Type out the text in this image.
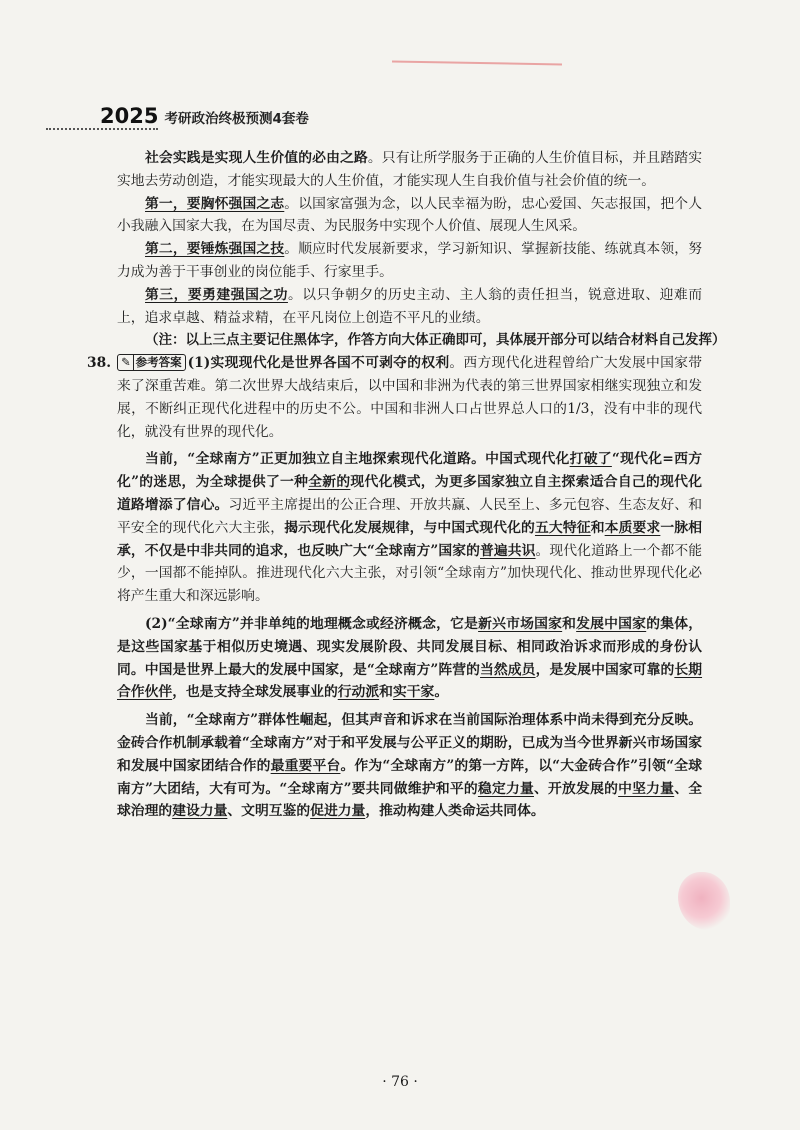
2025 考研政治终极预测4套卷

社会实践是实现人生价值的必由之路。只有让所学服务于正确的人生价值目标，并且踏踏实实地去劳动创造，才能实现最大的人生价值，才能实现人生自我价值与社会价值的统一。

第一，要胸怀强国之志。以国家富强为念，以人民幸福为盼，忠心爱国、矢志报国，把个人小我融入国家大我，在为国尽责、为民服务中实现个人价值、展现人生风采。

第二，要锤炼强国之技。顺应时代发展新要求，学习新知识、掌握新技能、练就真本领，努力成为善于干事创业的岗位能手、行家里手。

第三，要勇建强国之功。以只争朝夕的历史主动、主人翁的责任担当，锐意进取、迎难而上，追求卓越、精益求精，在平凡岗位上创造不平凡的业绩。

（注：以上三点主要记住黑体字，作答方向大体正确即可，具体展开部分可以结合材料自己发挥）
38. ✎ 参考答案 (1)实现现代化是世界各国不可剥夺的权利。西方现代化进程曾给广大发展中国家带来了深重苦难。第二次世界大战结束后，以中国和非洲为代表的第三世界国家相继实现独立和发展，不断纠正现代化进程中的历史不公。中国和非洲人口占世界总人口的1/3，没有中非的现代化，就没有世界的现代化。

当前，“全球南方”正更加独立自主地探索现代化道路。中国式现代化打破了“现代化=西方化”的迷思，为全球提供了一种全新的现代化模式，为更多国家独立自主探索适合自己的现代化道路增添了信心。习近平主席提出的公正合理、开放共赢、人民至上、多元包容、生态友好、和平安全的现代化六大主张，揭示现代化发展规律，与中国式现代化的五大特征和本质要求一脉相承，不仅是中非共同的追求，也反映广大“全球南方”国家的普遍共识。现代化道路上一个都不能少，一国都不能掉队。推进现代化六大主张，对引领“全球南方”加快现代化、推动世界现代化必将产生重大和深远影响。

(2)“全球南方”并非单纯的地理概念或经济概念，它是新兴市场国家和发展中国家的集体，是这些国家基于相似历史境遇、现实发展阶段、共同发展目标、相同政治诉求而形成的身份认同。中国是世界上最大的发展中国家，是“全球南方”阵营的当然成员，是发展中国家可靠的长期合作伙伴，也是支持全球发展事业的行动派和实干家。

当前，“全球南方”群体性崛起，但其声音和诉求在当前国际治理体系中尚未得到充分反映。金砖合作机制承载着“全球南方”对于和平发展与公平正义的期盼，已成为当今世界新兴市场国家和发展中国家团结合作的最重要平台。作为“全球南方”的第一方阵，以“大金砖合作”引领“全球南方”大团结，大有可为。“全球南方”要共同做维护和平的稳定力量、开放发展的中坚力量、全球治理的建设力量、文明互鉴的促进力量，推动构建人类命运共同体。

· 76 ·
